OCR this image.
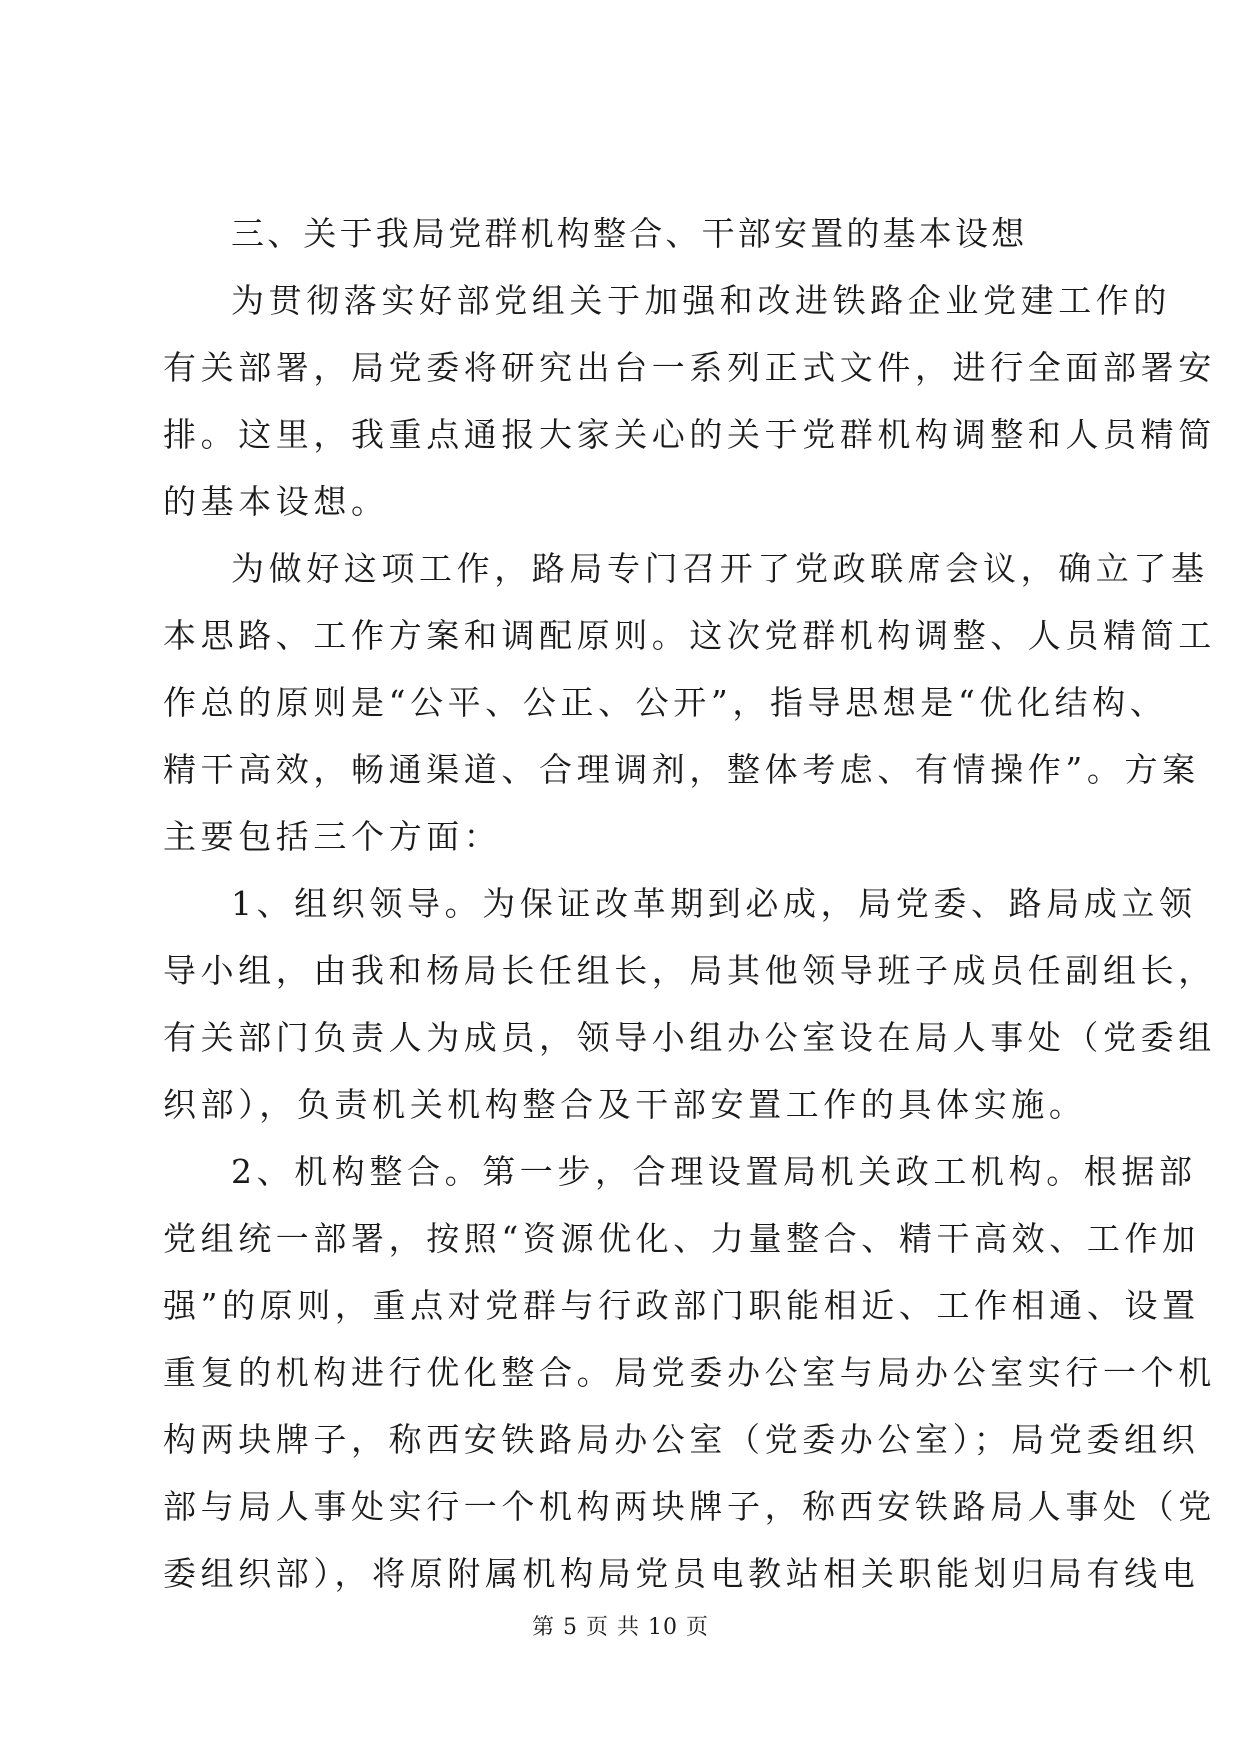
三、关于我局党群机构整合、干部安置的基本设想
为贯彻落实好部党组关于加强和改进铁路企业党建工作的
有关部署，局党委将研究出台一系列正式文件，进行全面部署安
排。这里，我重点通报大家关心的关于党群机构调整和人员精简
的基本设想。
为做好这项工作，路局专门召开了党政联席会议，确立了基
本思路、工作方案和调配原则。这次党群机构调整、人员精简工
作总的原则是“公平、公正、公开”，指导思想是“优化结构、
精干高效，畅通渠道、合理调剂，整体考虑、有情操作”。方案
主要包括三个方面：
1、组织领导。为保证改革期到必成，局党委、路局成立领
导小组，由我和杨局长任组长，局其他领导班子成员任副组长，
有关部门负责人为成员，领导小组办公室设在局人事处（党委组
织部），负责机关机构整合及干部安置工作的具体实施。
2、机构整合。第一步，合理设置局机关政工机构。根据部
党组统一部署，按照“资源优化、力量整合、精干高效、工作加
强”的原则，重点对党群与行政部门职能相近、工作相通、设置
重复的机构进行优化整合。局党委办公室与局办公室实行一个机
构两块牌子，称西安铁路局办公室（党委办公室）；局党委组织
部与局人事处实行一个机构两块牌子，称西安铁路局人事处（党
委组织部），将原附属机构局党员电教站相关职能划归局有线电
第 5 页 共 10 页
